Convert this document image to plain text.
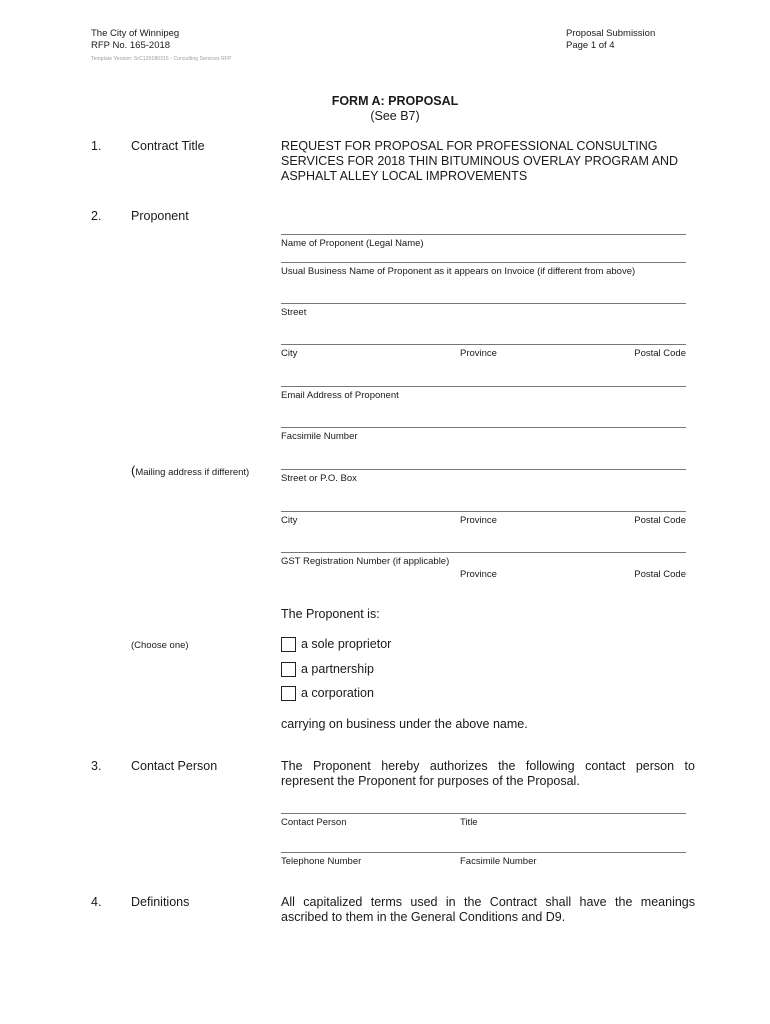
The City of Winnipeg
RFP No. 165-2018
Proposal Submission
Page 1 of 4
Template Version: SrC120180315 - Consulting Services RFP
FORM A: PROPOSAL
(See B7)
1. Contract Title	REQUEST FOR PROPOSAL FOR PROFESSIONAL CONSULTING
SERVICES FOR 2018 THIN BITUMINOUS OVERLAY PROGRAM AND
ASPHALT ALLEY LOCAL IMPROVEMENTS
2. Proponent
Name of Proponent (Legal Name)
Usual Business Name of Proponent as it appears on Invoice (if different from above)
Street
City	Province	Postal Code
Email Address of Proponent
Facsimile Number
(Mailing address if different)
Street or P.O. Box
City	Province	Postal Code
GST Registration Number (if applicable)
Province	Postal Code
The Proponent is:
(Choose one)	a sole proprietor
a partnership
a corporation
carrying on business under the above name.
3. Contact Person	The Proponent hereby authorizes the following contact person to
represent the Proponent for purposes of the Proposal.
Contact Person	Title
Telephone Number	Facsimile Number
4. Definitions	All capitalized terms used in the Contract shall have the meanings
ascribed to them in the General Conditions and D9.
